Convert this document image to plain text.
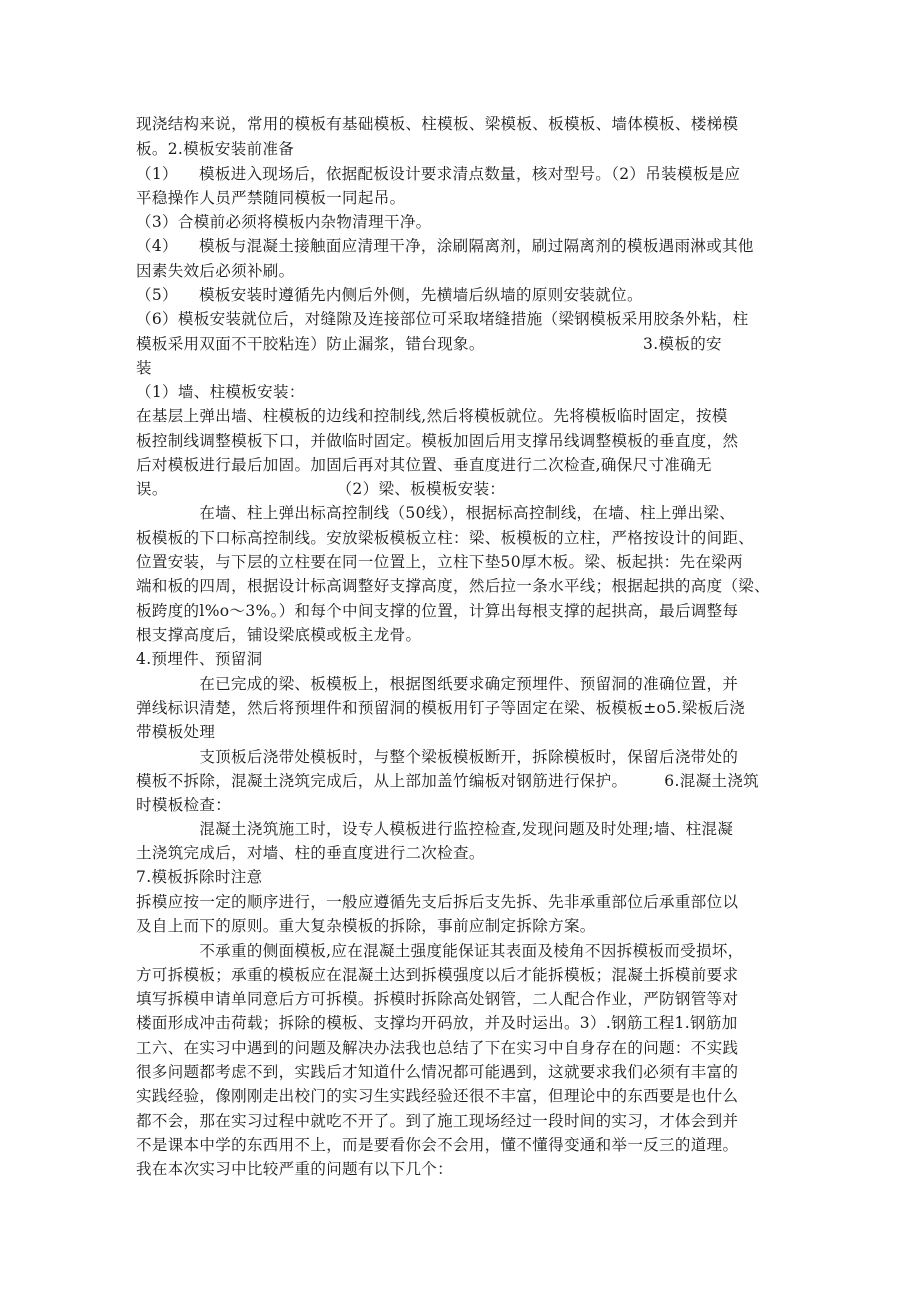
现浇结构来说，常用的模板有基础模板、柱模板、梁模板、板模板、墙体模板、楼梯模
板。2.模板安装前准备
（1）    模板进入现场后，依据配板设计要求清点数量，核对型号。（2）吊装模板是应
平稳操作人员严禁随同模板一同起吊。
（3）合模前必须将模板内杂物清理干净。
（4）    模板与混凝土接触面应清理干净，涂刷隔离剂，刷过隔离剂的模板遇雨淋或其他
因素失效后必须补刷。
（5）    模板安装时遵循先内侧后外侧，先横墙后纵墙的原则安装就位。
（6）模板安装就位后，对缝隙及连接部位可采取堵缝措施（梁钢模板采用胶条外粘，柱
模板采用双面不干胶粘连）防止漏浆，错台现象。                              3.模板的安
装
（1）墙、柱模板安装：
在基层上弹出墙、柱模板的边线和控制线,然后将模板就位。先将模板临时固定，按模
板控制线调整模板下口，并做临时固定。模板加固后用支撑吊线调整模板的垂直度，然
后对模板进行最后加固。加固后再对其位置、垂直度进行二次检查,确保尺寸准确无
误。                                （2）梁、板模板安装：
在墙、柱上弹出标高控制线（50线），根据标高控制线，在墙、柱上弹出梁、
板模板的下口标高控制线。安放梁板模板立柱：梁、板模板的立柱，严格按设计的间距、
位置安装，与下层的立柱要在同一位置上，立柱下垫50厚木板。梁、板起拱：先在梁两
端和板的四周，根据设计标高调整好支撑高度，然后拉一条水平线；根据起拱的高度（梁、
板跨度的l%o～3%。）和每个中间支撑的位置，计算出每根支撑的起拱高，最后调整每
根支撑高度后，铺设梁底模或板主龙骨。
4.预埋件、预留洞
在已完成的梁、板模板上，根据图纸要求确定预埋件、预留洞的准确位置，并
弹线标识清楚，然后将预埋件和预留洞的模板用钉子等固定在梁、板模板±o5.梁板后浇
带模板处理
支顶板后浇带处模板时，与整个梁板模板断开，拆除模板时，保留后浇带处的
模板不拆除，混凝土浇筑完成后，从上部加盖竹编板对钢筋进行保护。       6.混凝土浇筑
时模板检查：
混凝土浇筑施工时，设专人模板进行监控检查,发现问题及时处理;墙、柱混凝
土浇筑完成后，对墙、柱的垂直度进行二次检查。
7.模板拆除时注意
拆模应按一定的顺序进行，一般应遵循先支后拆后支先拆、先非承重部位后承重部位以
及自上而下的原则。重大复杂模板的拆除，事前应制定拆除方案。
不承重的侧面模板,应在混凝土强度能保证其表面及棱角不因拆模板而受损坏，
方可拆模板；承重的模板应在混凝土达到拆模强度以后才能拆模板；混凝土拆模前要求
填写拆模申请单同意后方可拆模。拆模时拆除高处钢管，二人配合作业，严防钢管等对
楼面形成冲击荷载；拆除的模板、支撑均开码放，并及时运出。3）.钢筋工程1.钢筋加
工六、在实习中遇到的问题及解决办法我也总结了下在实习中自身存在的问题：不实践
很多问题都考虑不到，实践后才知道什么情况都可能遇到，这就要求我们必须有丰富的
实践经验，像刚刚走出校门的实习生实践经验还很不丰富，但理论中的东西要是也什么
都不会，那在实习过程中就吃不开了。到了施工现场经过一段时间的实习，才体会到并
不是课本中学的东西用不上，而是要看你会不会用，懂不懂得变通和举一反三的道理。
我在本次实习中比较严重的问题有以下几个：
